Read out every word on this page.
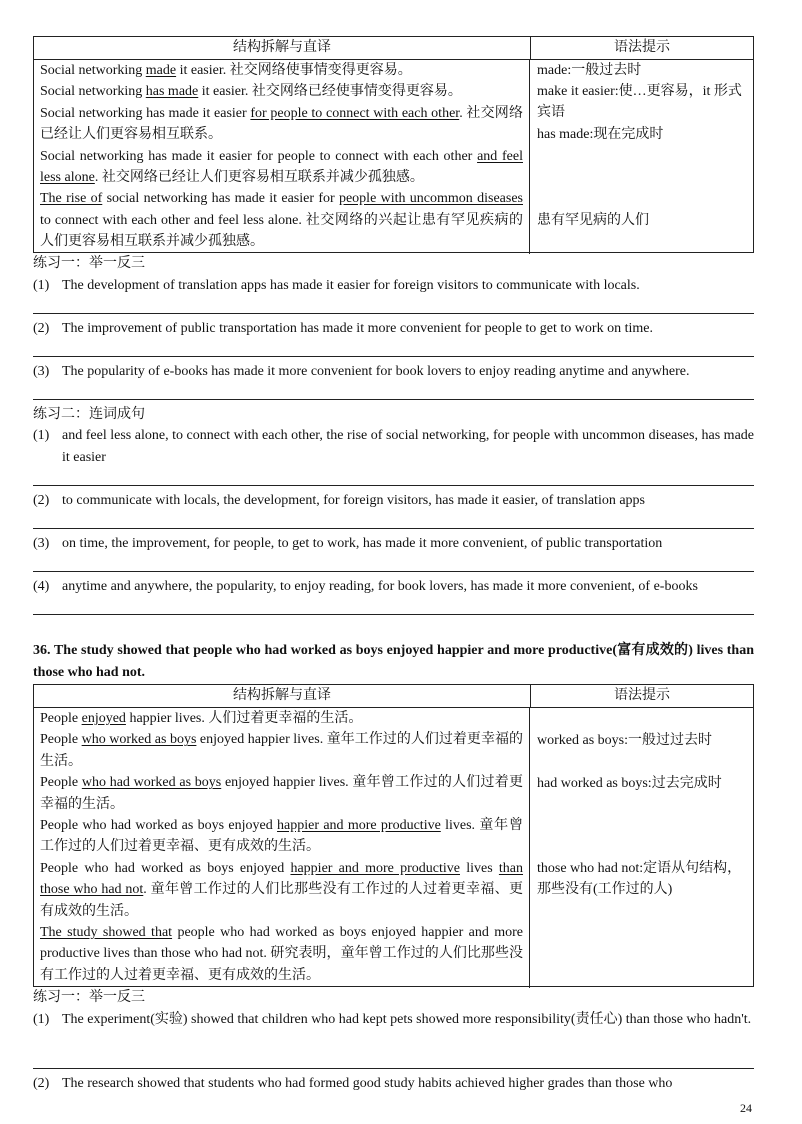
结构拆解与直译	语法提示
Social networking made it easier. 社交网络使事情变得更容易。
Social networking has made it easier. 社交网络已经使事情变得更容易。
Social networking has made it easier for people to connect with each other. 社交网络已经让人们更容易相互联系。
Social networking has made it easier for people to connect with each other and feel less alone. 社交网络已经让人们更容易相互联系并减少孤独感。
The rise of social networking has made it easier for people with uncommon diseases to connect with each other and feel less alone. 社交网络的兴起让患有罕见疾病的人们更容易相互联系并减少孤独感。
made:一般过去时
make it easier:使…更容易，it 形式宾语
has made:现在完成时
患有罕见病的人们
练习一：举一反三
(1) The development of translation apps has made it easier for foreign visitors to communicate with locals.
(2) The improvement of public transportation has made it more convenient for people to get to work on time.
(3) The popularity of e-books has made it more convenient for book lovers to enjoy reading anytime and anywhere.
练习二：连词成句
(1) and feel less alone, to connect with each other, the rise of social networking, for people with uncommon diseases, has made it easier
(2) to communicate with locals, the development, for foreign visitors, has made it easier, of translation apps
(3) on time, the improvement, for people, to get to work, has made it more convenient, of public transportation
(4) anytime and anywhere, the popularity, to enjoy reading, for book lovers, has made it more convenient, of e-books
36. The study showed that people who had worked as boys enjoyed happier and more productive(富有成效的) lives than those who had not.
结构拆解与直译	语法提示
People enjoyed happier lives. 人们过着更幸福的生活。
People who worked as boys enjoyed happier lives. 童年工作过的人们过着更幸福的生活。
People who had worked as boys enjoyed happier lives. 童年曾工作过的人们过着更幸福的生活。
People who had worked as boys enjoyed happier and more productive lives. 童年曾工作过的人们过着更幸福、更有成效的生活。
People who had worked as boys enjoyed happier and more productive lives than those who had not. 童年曾工作过的人们比那些没有工作过的人过着更幸福、更有成效的生活。
The study showed that people who had worked as boys enjoyed happier and more productive lives than those who had not. 研究表明，童年曾工作过的人们比那些没有工作过的人过着更幸福、更有成效的生活。
worked as boys:一般过过去时
had worked as boys:过去完成时
those who had not:定语从句结构，那些没有(工作过的人)
练习一：举一反三
(1) The experiment(实验) showed that children who had kept pets showed more responsibility(责任心) than those who hadn't.
(2) The research showed that students who had formed good study habits achieved higher grades than those who
24
